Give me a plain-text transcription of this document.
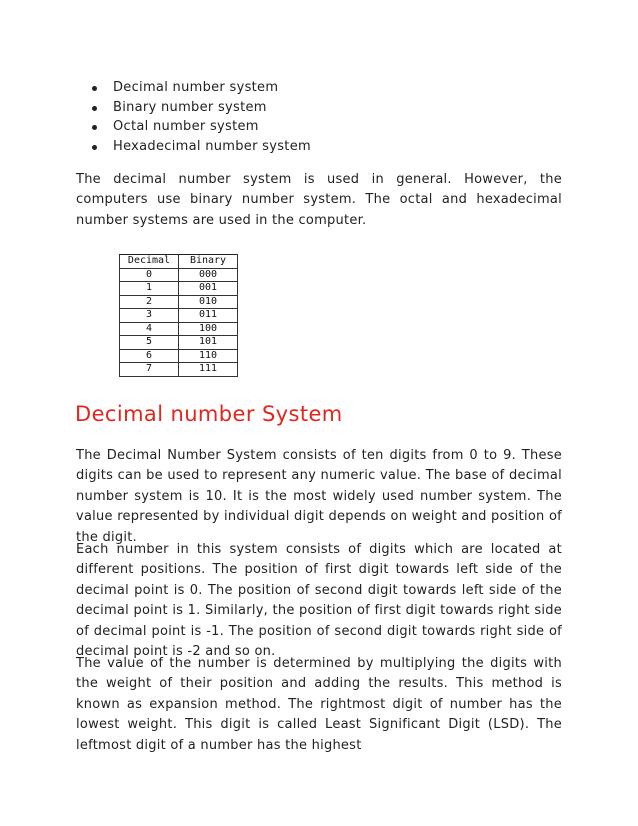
Decimal number system
Binary number system
Octal number system
Hexadecimal number system

The decimal number system is used in general. However, the computers use binary number system. The octal and hexadecimal number systems are used in the computer.

Decimal	Binary
0	000
1	001
2	010
3	011
4	100
5	101
6	110
7	111
Decimal number System

The Decimal Number System consists of ten digits from 0 to 9. These digits can be used to represent any numeric value. The base of decimal number system is 10. It is the most widely used number system. The value represented by individual digit depends on weight and position of the digit.

Each number in this system consists of digits which are located at different positions. The position of first digit towards left side of the decimal point is 0. The position of second digit towards left side of the decimal point is 1. Similarly, the position of first digit towards right side of decimal point is -1. The position of second digit towards right side of decimal point is -2 and so on.

The value of the number is determined by multiplying the digits with the weight of their position and adding the results. This method is known as expansion method. The rightmost digit of number has the lowest weight. This digit is called Least Significant Digit (LSD). The leftmost digit of a number has the highest
